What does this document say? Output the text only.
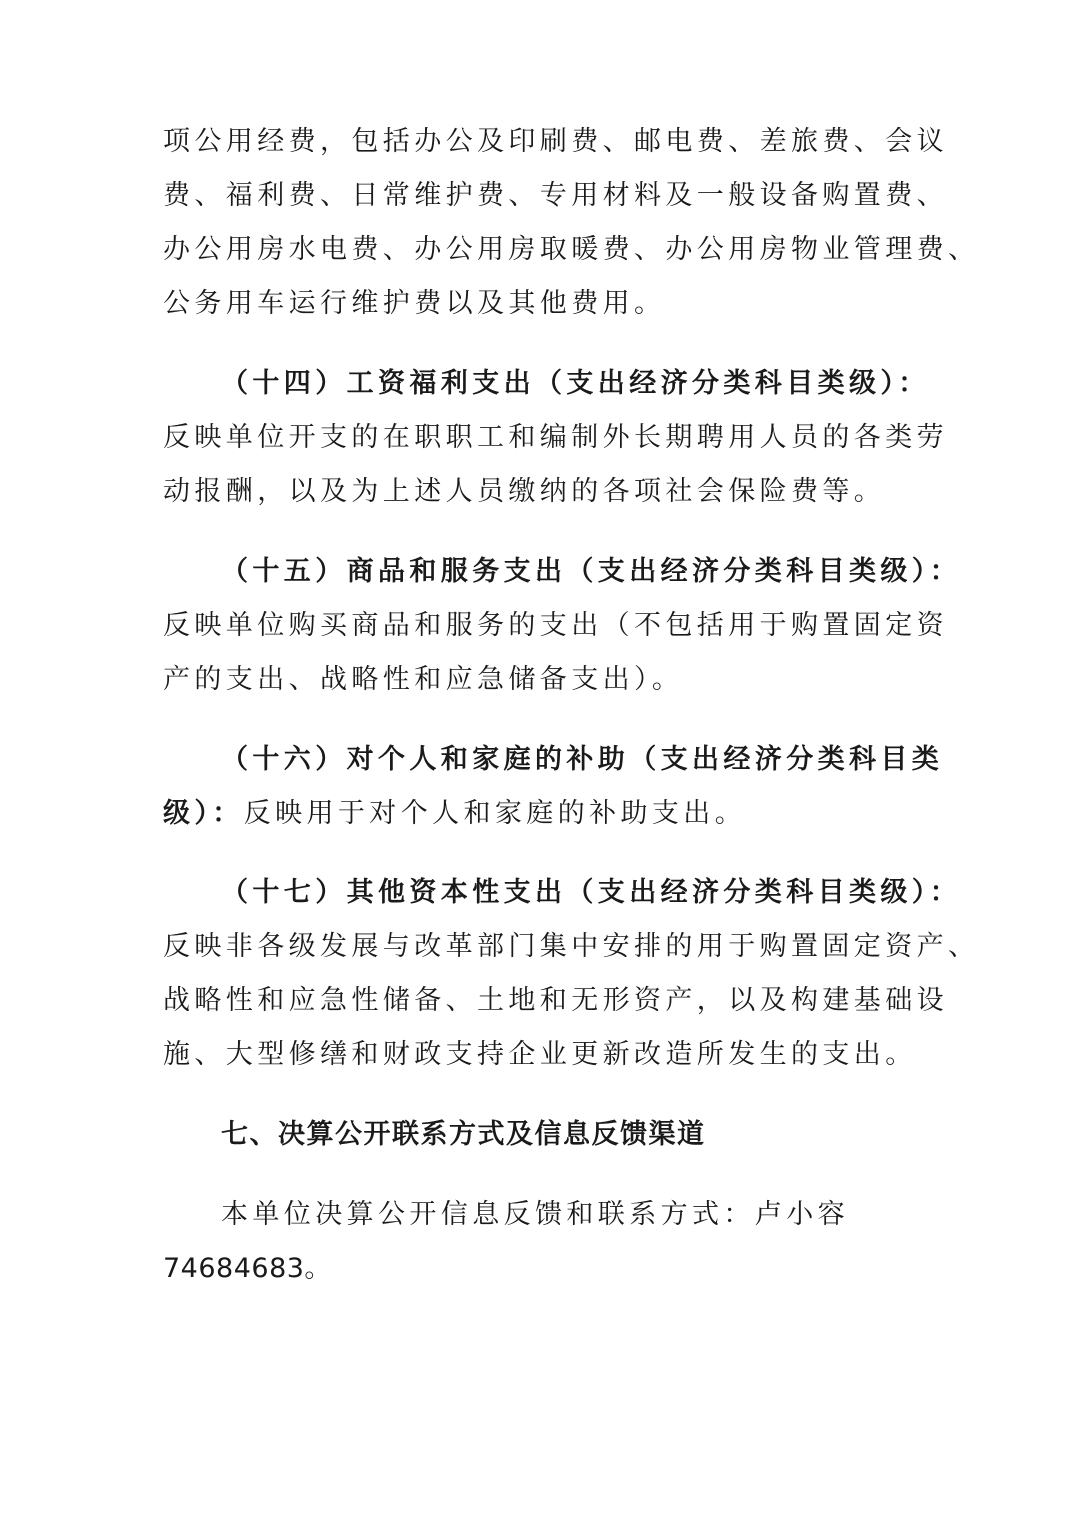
项公用经费，包括办公及印刷费、邮电费、差旅费、会议
费、福利费、日常维护费、专用材料及一般设备购置费、
办公用房水电费、办公用房取暖费、办公用房物业管理费、
公务用车运行维护费以及其他费用。
（十四）工资福利支出（支出经济分类科目类级）：
反映单位开支的在职职工和编制外长期聘用人员的各类劳
动报酬，以及为上述人员缴纳的各项社会保险费等。
（十五）商品和服务支出（支出经济分类科目类级）：
反映单位购买商品和服务的支出（不包括用于购置固定资
产的支出、战略性和应急储备支出）。
（十六）对个人和家庭的补助（支出经济分类科目类
级）：反映用于对个人和家庭的补助支出。
（十七）其他资本性支出（支出经济分类科目类级）：
反映非各级发展与改革部门集中安排的用于购置固定资产、
战略性和应急性储备、土地和无形资产，以及构建基础设
施、大型修缮和财政支持企业更新改造所发生的支出。
七、决算公开联系方式及信息反馈渠道
本单位决算公开信息反馈和联系方式：卢小容
74684683。
